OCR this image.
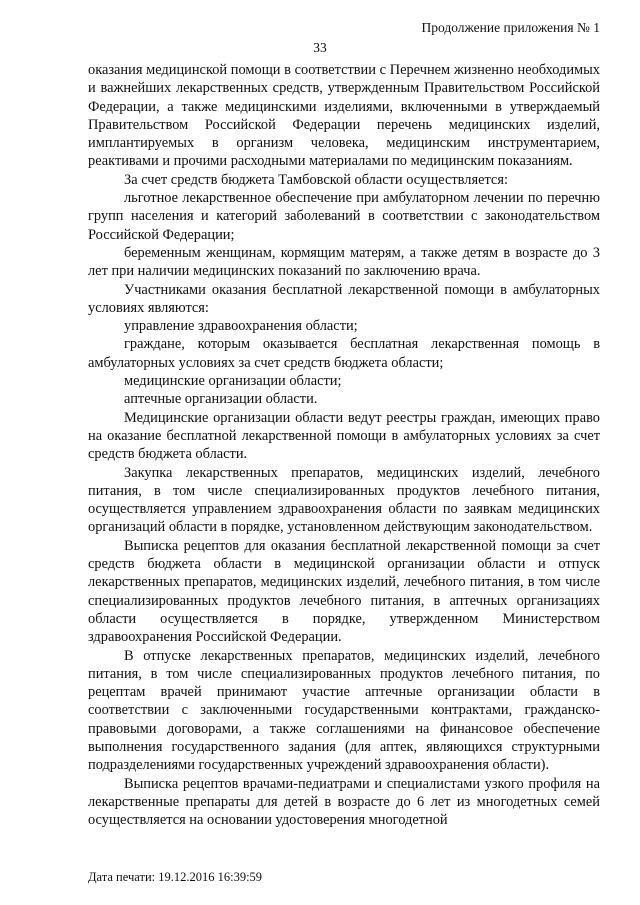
Продолжение приложения № 1
33

оказания медицинской помощи в соответствии с Перечнем жизненно необходимых и важнейших лекарственных средств, утвержденным Правительством Российской Федерации, а также медицинскими изделиями, включенными в утверждаемый Правительством Российской Федерации перечень медицинских изделий, имплантируемых в организм человека, медицинским инструментарием, реактивами и прочими расходными материалами по медицинским показаниям.

За счет средств бюджета Тамбовской области осуществляется:

льготное лекарственное обеспечение при амбулаторном лечении по перечню групп населения и категорий заболеваний в соответствии с законодательством Российской Федерации;

беременным женщинам, кормящим матерям, а также детям в возрасте до 3 лет при наличии медицинских показаний по заключению врача.

Участниками оказания бесплатной лекарственной помощи в амбулаторных условиях являются:

управление здравоохранения области;

граждане, которым оказывается бесплатная лекарственная помощь в амбулаторных условиях за счет средств бюджета области;

медицинские организации области;

аптечные организации области.

Медицинские организации области ведут реестры граждан, имеющих право на оказание бесплатной лекарственной помощи в амбулаторных условиях за счет средств бюджета области.

Закупка лекарственных препаратов, медицинских изделий, лечебного питания, в том числе специализированных продуктов лечебного питания, осуществляется управлением здравоохранения области по заявкам медицинских организаций области в порядке, установленном действующим законодательством.

Выписка рецептов для оказания бесплатной лекарственной помощи за счет средств бюджета области в медицинской организации области и отпуск лекарственных препаратов, медицинских изделий, лечебного питания, в том числе специализированных продуктов лечебного питания, в аптечных организациях области осуществляется в порядке, утвержденном Министерством здравоохранения Российской Федерации.

В отпуске лекарственных препаратов, медицинских изделий, лечебного питания, в том числе специализированных продуктов лечебного питания, по рецептам врачей принимают участие аптечные организации области в соответствии с заключенными государственными контрактами, гражданско-правовыми договорами, а также соглашениями на финансовое обеспечение выполнения государственного задания (для аптек, являющихся структурными подразделениями государственных учреждений здравоохранения области).

Выписка рецептов врачами-педиатрами и специалистами узкого профиля на лекарственные препараты для детей в возрасте до 6 лет из многодетных семей осуществляется на основании удостоверения многодетной

Дата печати: 19.12.2016 16:39:59
